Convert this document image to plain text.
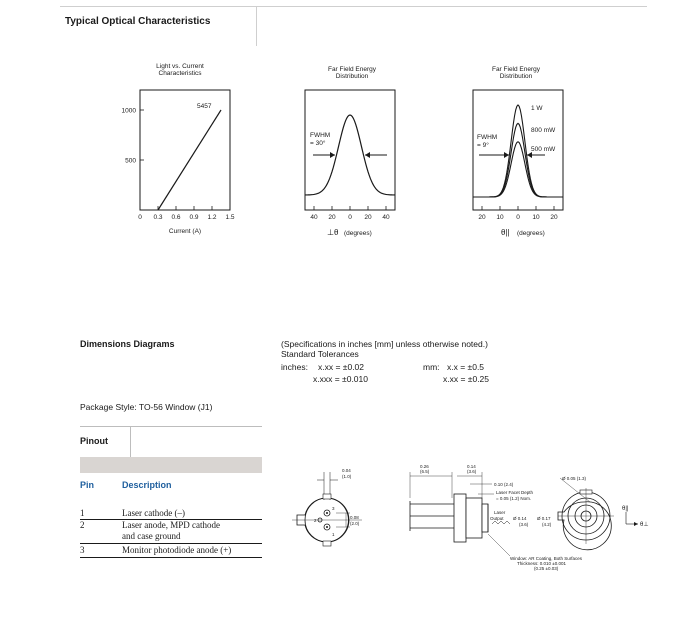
Typical Optical Characteristics
Light vs. Current
Characteristics
0 0.3 0.6 0.9 1.2 1.5
500
1000
5457
Current (A)
Far Field Energy
Distribution
40 20 0 20 40
FWHM
= 30°
⊥θ (degrees)
Far Field Energy
Distribution
20 10 0 10 20
FWHM
= 9°
1 W
800 mW
500 mW
θ|| (degrees)
Dimensions Diagrams	(Specifications in inches [mm] unless otherwise noted.)
Standard Tolerances
inches: x.xx = ±0.02
x.xxx = ±0.010
mm: x.x = ±0.5
x.xx = ±0.25
Package Style: TO-56 Window (J1)
Pinout
Pin	Description
1	Laser cathode (–)
2	Laser anode, MPD cathode
and case ground
3	Monitor photodiode anode (+)
0.04
(1.0)
3
2
1
0.08
(2.0)
0.26
(6.5)
0.14
(3.6)
0.10 (2.4)
Laser Facet Depth
= 0.05 (1.2) Nom.
Laser
Output Ø 0.14
(3.6)
Ø 0.17
(4.2)
Window: AR Coating, Both Surfaces
Thickness: 0.010 ±0.001
(0.25 ±0.03)
Ø 0.05 (1.3)
θ||
θ⊥
